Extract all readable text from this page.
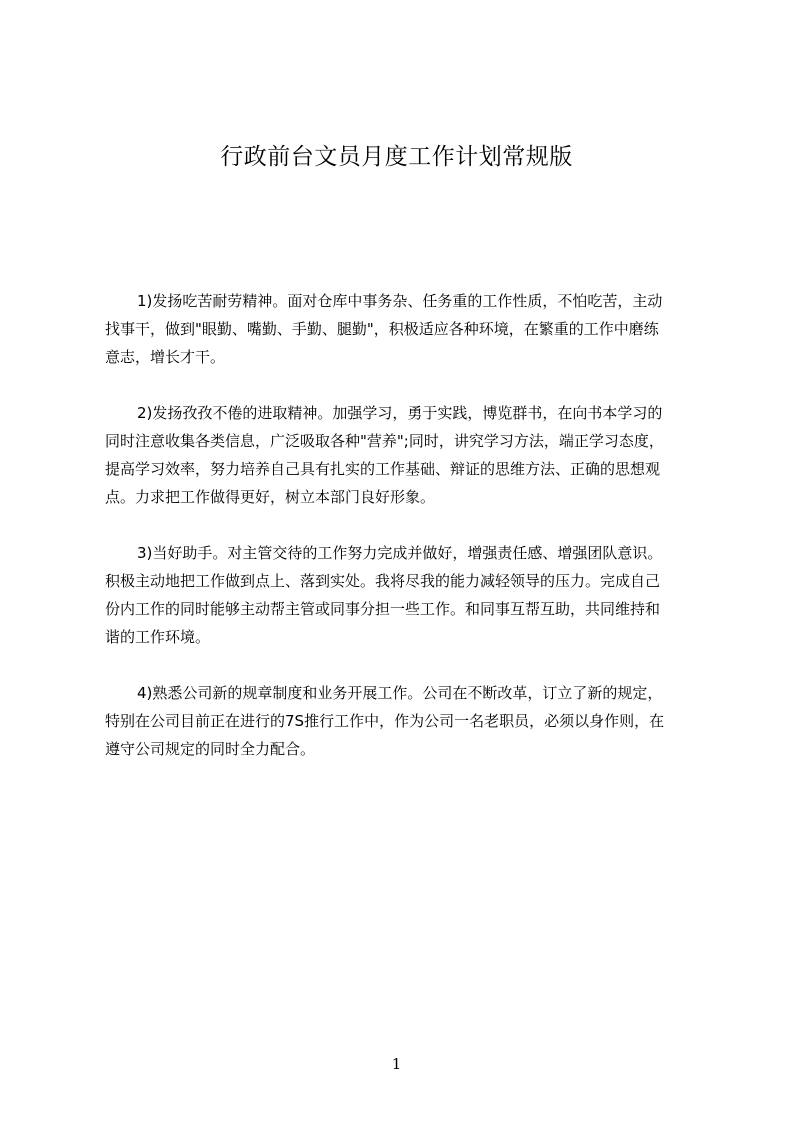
行政前台文员月度工作计划常规版
1)发扬吃苦耐劳精神。面对仓库中事务杂、任务重的工作性质，不怕吃苦，主动
找事干，做到"眼勤、嘴勤、手勤、腿勤"，积极适应各种环境，在繁重的工作中磨练
意志，增长才干。
2)发扬孜孜不倦的进取精神。加强学习，勇于实践，博览群书，在向书本学习的
同时注意收集各类信息，广泛吸取各种"营养";同时，讲究学习方法，端正学习态度，
提高学习效率，努力培养自己具有扎实的工作基础、辩证的思维方法、正确的思想观
点。力求把工作做得更好，树立本部门良好形象。
3)当好助手。对主管交待的工作努力完成并做好，增强责任感、增强团队意识。
积极主动地把工作做到点上、落到实处。我将尽我的能力减轻领导的压力。完成自己
份内工作的同时能够主动帮主管或同事分担一些工作。和同事互帮互助，共同维持和
谐的工作环境。
4)熟悉公司新的规章制度和业务开展工作。公司在不断改革，订立了新的规定，
特别在公司目前正在进行的7S推行工作中，作为公司一名老职员，必须以身作则，在
遵守公司规定的同时全力配合。
1
